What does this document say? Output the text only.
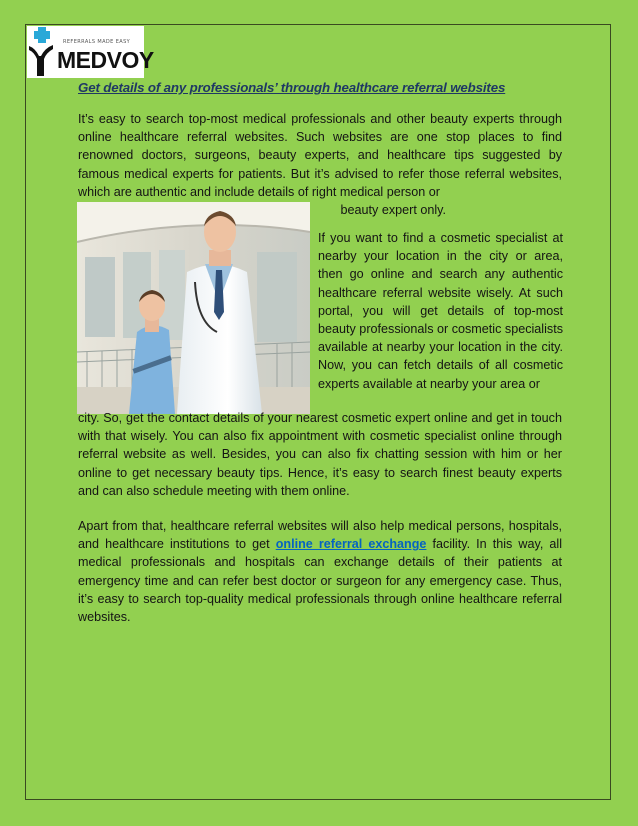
REFERRALS MADE EASY
MEDVOY
Get details of any professionals’ through healthcare referral websites
It’s easy to search top-most medical professionals and other beauty experts through online healthcare referral websites. Such websites are one stop places to find renowned doctors, surgeons, beauty experts, and healthcare tips suggested by famous medical experts for patients. But it’s advised to refer those referral websites, which are authentic and include details of right medical person or
beauty expert only.
If you want to find a cosmetic specialist at nearby your location in the city or area, then go online and search any authentic healthcare referral website wisely. At such portal, you will get details of top-most beauty professionals or cosmetic specialists available at nearby your location in the city. Now, you can fetch details of all cosmetic experts available at nearby your area or
city. So, get the contact details of your nearest cosmetic expert online and get in touch with that wisely. You can also fix appointment with cosmetic specialist online through referral website as well. Besides, you can also fix chatting session with him or her online to get necessary beauty tips. Hence, it’s easy to search finest beauty experts and can also schedule meeting with them online.
Apart from that, healthcare referral websites will also help medical persons, hospitals, and healthcare institutions to get online referral exchange facility. In this way, all medical professionals and hospitals can exchange details of their patients at emergency time and can refer best doctor or surgeon for any emergency case. Thus, it’s easy to search top-quality medical professionals through online healthcare referral websites.
